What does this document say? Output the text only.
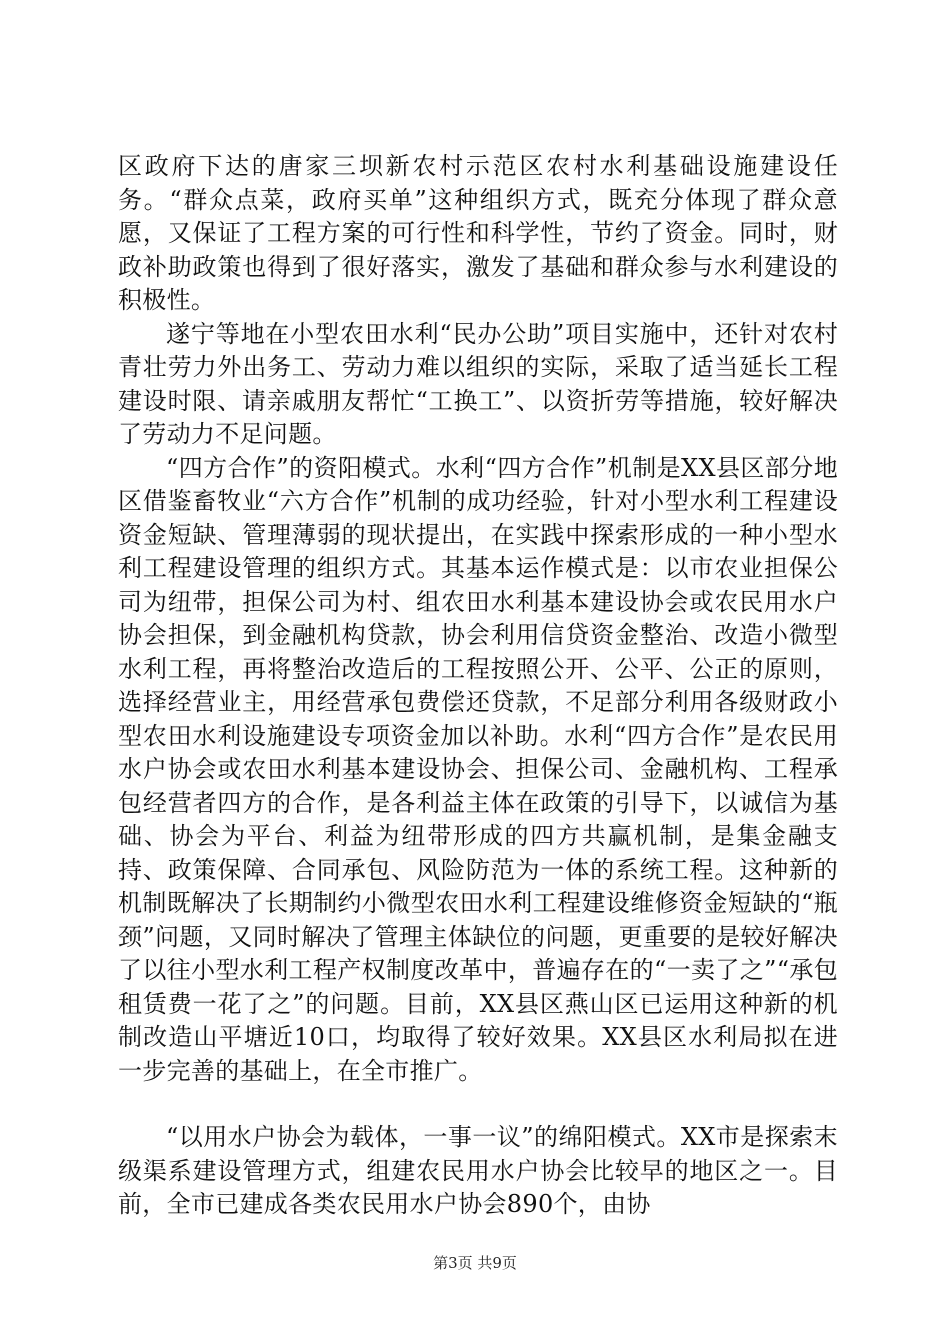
区政府下达的唐家三坝新农村示范区农村水利基础设施建设任务。“群众点菜，政府买单”这种组织方式，既充分体现了群众意愿，又保证了工程方案的可行性和科学性，节约了资金。同时，财政补助政策也得到了很好落实，激发了基础和群众参与水利建设的积极性。

遂宁等地在小型农田水利“民办公助”项目实施中，还针对农村青壮劳力外出务工、劳动力难以组织的实际，采取了适当延长工程建设时限、请亲戚朋友帮忙“工换工”、以资折劳等措施，较好解决了劳动力不足问题。

“四方合作”的资阳模式。水利“四方合作”机制是XX县区部分地区借鉴畜牧业“六方合作”机制的成功经验，针对小型水利工程建设资金短缺、管理薄弱的现状提出，在实践中探索形成的一种小型水利工程建设管理的组织方式。其基本运作模式是：以市农业担保公司为纽带，担保公司为村、组农田水利基本建设协会或农民用水户协会担保，到金融机构贷款，协会利用信贷资金整治、改造小微型水利工程，再将整治改造后的工程按照公开、公平、公正的原则，选择经营业主，用经营承包费偿还贷款，不足部分利用各级财政小型农田水利设施建设专项资金加以补助。水利“四方合作”是农民用水户协会或农田水利基本建设协会、担保公司、金融机构、工程承包经营者四方的合作，是各利益主体在政策的引导下，以诚信为基础、协会为平台、利益为纽带形成的四方共赢机制，是集金融支持、政策保障、合同承包、风险防范为一体的系统工程。这种新的机制既解决了长期制约小微型农田水利工程建设维修资金短缺的“瓶颈”问题，又同时解决了管理主体缺位的问题，更重要的是较好解决了以往小型水利工程产权制度改革中，普遍存在的“一卖了之”“承包租赁费一花了之”的问题。目前，XX县区燕山区已运用这种新的机制改造山平塘近10口，均取得了较好效果。XX县区水利局拟在进一步完善的基础上，在全市推广。

“以用水户协会为载体，一事一议”的绵阳模式。XX市是探索末级渠系建设管理方式，组建农民用水户协会比较早的地区之一。目前，全市已建成各类农民用水户协会890个，由协

第3页 共9页
